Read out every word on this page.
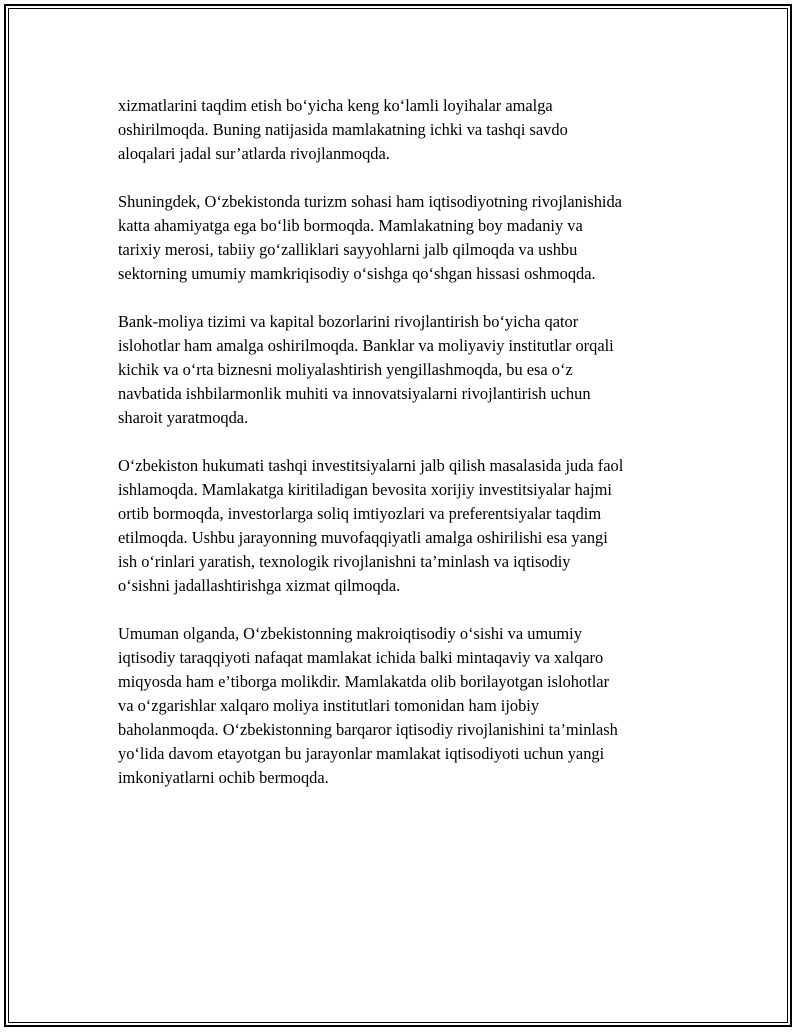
xizmatlarini taqdim etish bo‘yicha keng ko‘lamli loyihalar amalga
oshirilmoqda. Buning natijasida mamlakatning ichki va tashqi savdo
aloqalari jadal sur’atlarda rivojlanmoqda.
Shuningdek, O‘zbekistonda turizm sohasi ham iqtisodiyotning rivojlanishida
katta ahamiyatga ega bo‘lib bormoqda. Mamlakatning boy madaniy va
tarixiy merosi, tabiiy go‘zalliklari sayyohlarni jalb qilmoqda va ushbu
sektorning umumiy mamkriqisodiy o‘sishga qo‘shgan hissasi oshmoqda.
Bank-moliya tizimi va kapital bozorlarini rivojlantirish bo‘yicha qator
islohotlar ham amalga oshirilmoqda. Banklar va moliyaviy institutlar orqali
kichik va o‘rta biznesni moliyalashtirish yengillashmoqda, bu esa o‘z
navbatida ishbilarmonlik muhiti va innovatsiyalarni rivojlantirish uchun
sharoit yaratmoqda.
O‘zbekiston hukumati tashqi investitsiyalarni jalb qilish masalasida juda faol
ishlamoqda. Mamlakatga kiritiladigan bevosita xorijiy investitsiyalar hajmi
ortib bormoqda, investorlarga soliq imtiyozlari va preferentsiyalar taqdim
etilmoqda. Ushbu jarayonning muvofaqqiyatli amalga oshirilishi esa yangi
ish o‘rinlari yaratish, texnologik rivojlanishni ta’minlash va iqtisodiy
o‘sishni jadallashtirishga xizmat qilmoqda.
Umuman olganda, O‘zbekistonning makroiqtisodiy o‘sishi va umumiy
iqtisodiy taraqqiyoti nafaqat mamlakat ichida balki mintaqaviy va xalqaro
miqyosda ham e’tiborga molikdir. Mamlakatda olib borilayotgan islohotlar
va o‘zgarishlar xalqaro moliya institutlari tomonidan ham ijobiy
baholanmoqda. O‘zbekistonning barqaror iqtisodiy rivojlanishini ta’minlash
yo‘lida davom etayotgan bu jarayonlar mamlakat iqtisodiyoti uchun yangi
imkoniyatlarni ochib bermoqda.
